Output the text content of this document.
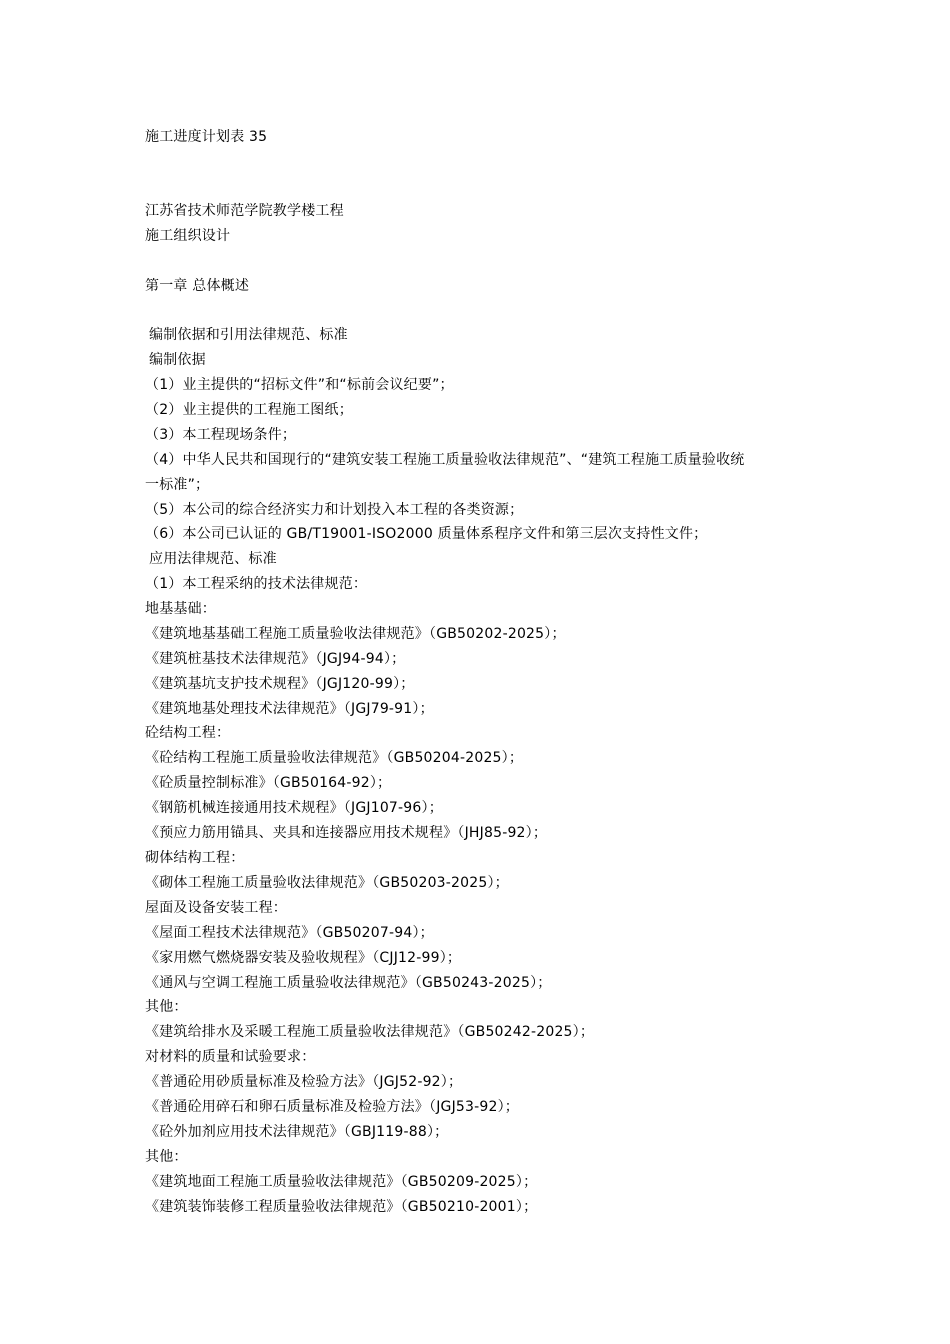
施工进度计划表 35
江苏省技术师范学院教学楼工程
施工组织设计
第一章 总体概述
编制依据和引用法律规范、标准
编制依据
（1）业主提供的“招标文件”和“标前会议纪要”；
（2）业主提供的工程施工图纸；
（3）本工程现场条件；
（4）中华人民共和国现行的“建筑安装工程施工质量验收法律规范”、“建筑工程施工质量验收统
一标准”；
（5）本公司的综合经济实力和计划投入本工程的各类资源；
（6）本公司已认证的 GB/T19001-ISO2000 质量体系程序文件和第三层次支持性文件；
应用法律规范、标准
（1）本工程采纳的技术法律规范：
地基基础：
《建筑地基基础工程施工质量验收法律规范》（GB50202-2025）；
《建筑桩基技术法律规范》（JGJ94-94）；
《建筑基坑支护技术规程》（JGJ120-99）；
《建筑地基处理技术法律规范》（JGJ79-91）；
砼结构工程：
《砼结构工程施工质量验收法律规范》（GB50204-2025）；
《砼质量控制标准》（GB50164-92）；
《钢筋机械连接通用技术规程》（JGJ107-96）；
《预应力筋用锚具、夹具和连接器应用技术规程》（JHJ85-92）；
砌体结构工程：
《砌体工程施工质量验收法律规范》（GB50203-2025）；
屋面及设备安装工程：
《屋面工程技术法律规范》（GB50207-94）；
《家用燃气燃烧器安装及验收规程》（CJJ12-99）；
《通风与空调工程施工质量验收法律规范》（GB50243-2025）；
其他：
《建筑给排水及采暖工程施工质量验收法律规范》（GB50242-2025）；
对材料的质量和试验要求：
《普通砼用砂质量标准及检验方法》（JGJ52-92）；
《普通砼用碎石和卵石质量标准及检验方法》（JGJ53-92）；
《砼外加剂应用技术法律规范》（GBJ119-88）；
其他：
《建筑地面工程施工质量验收法律规范》（GB50209-2025）；
《建筑装饰装修工程质量验收法律规范》（GB50210-2001）；
